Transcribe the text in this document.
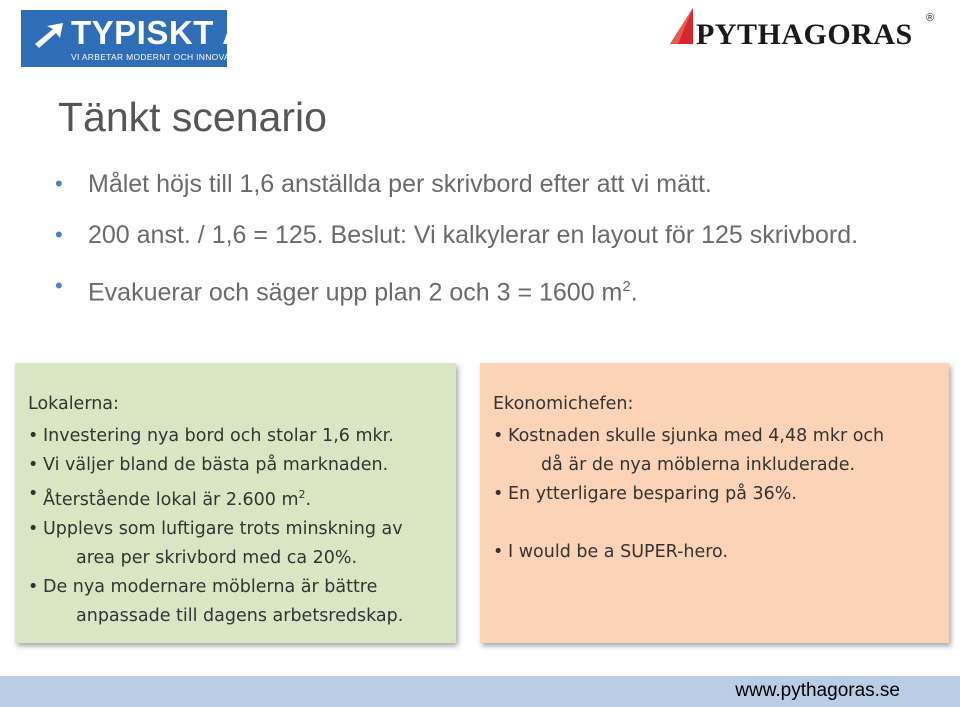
TYPISKT AB
VI ARBETAR MODERNT OCH INNOVATIVT
PYTHAGORAS ®
Tänkt scenario
• Målet höjs till 1,6 anställda per skrivbord efter att vi mätt.
• 200 anst. / 1,6 = 125. Beslut: Vi kalkylerar en layout för 125 skrivbord.
• Evakuerar och säger upp plan 2 och 3 = 1600 $m^2$.
Lokalerna:
• Investering nya bord och stolar 1,6 mkr.
• Vi väljer bland de bästa på marknaden.
• Återstående lokal är 2.600 $m^2$.
• Upplevs som luftigare trots minskning av
area per skrivbord med ca 20%.
• De nya modernare möblerna är bättre
anpassade till dagens arbetsredskap.
Ekonomichefen:
• Kostnaden skulle sjunka med 4,48 mkr och
då är de nya möblerna inkluderade.
• En ytterligare besparing på 36%.
• I would be a SUPER-hero.
www.pythagoras.se
